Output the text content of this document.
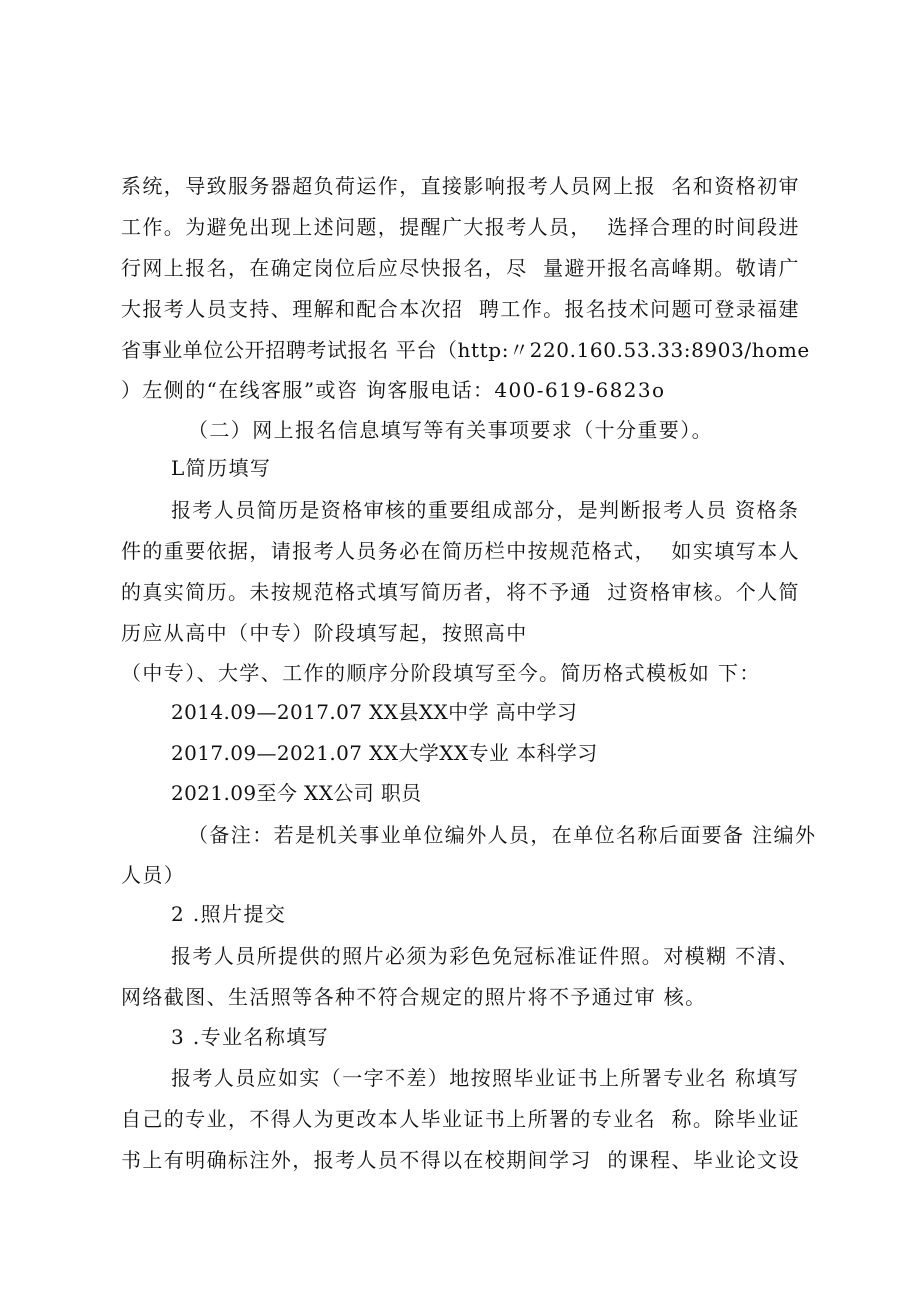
系统，导致服务器超负荷运作，直接影响报考人员网上报  名和资格初审
工作。为避免出现上述问题，提醒广大报考人员，  选择合理的时间段进
行网上报名，在确定岗位后应尽快报名，尽  量避开报名高峰期。敬请广
大报考人员支持、理解和配合本次招  聘工作。报名技术问题可登录福建
省事业单位公开招聘考试报名 平台（http:〃220.160.53.33:8903/home
）左侧的“在线客服”或咨 询客服电话：400-619-6823o
（二）网上报名信息填写等有关事项要求（十分重要）。
L简历填写
报考人员简历是资格审核的重要组成部分，是判断报考人员 资格条
件的重要依据，请报考人员务必在简历栏中按规范格式，  如实填写本人
的真实简历。未按规范格式填写简历者，将不予通  过资格审核。个人简
历应从高中（中专）阶段填写起，按照高中
（中专）、大学、工作的顺序分阶段填写至今。简历格式模板如 下：
2014.09—2017.07 XX县XX中学 高中学习
2017.09—2021.07 XX大学XX专业 本科学习
2021.09至今 XX公司 职员
（备注：若是机关事业单位编外人员，在单位名称后面要备 注编外
人员）
2 .照片提交
报考人员所提供的照片必须为彩色免冠标准证件照。对模糊 不清、
网络截图、生活照等各种不符合规定的照片将不予通过审 核。
3 .专业名称填写
报考人员应如实（一字不差）地按照毕业证书上所署专业名 称填写
自己的专业，不得人为更改本人毕业证书上所署的专业名  称。除毕业证
书上有明确标注外，报考人员不得以在校期间学习  的课程、毕业论文设
